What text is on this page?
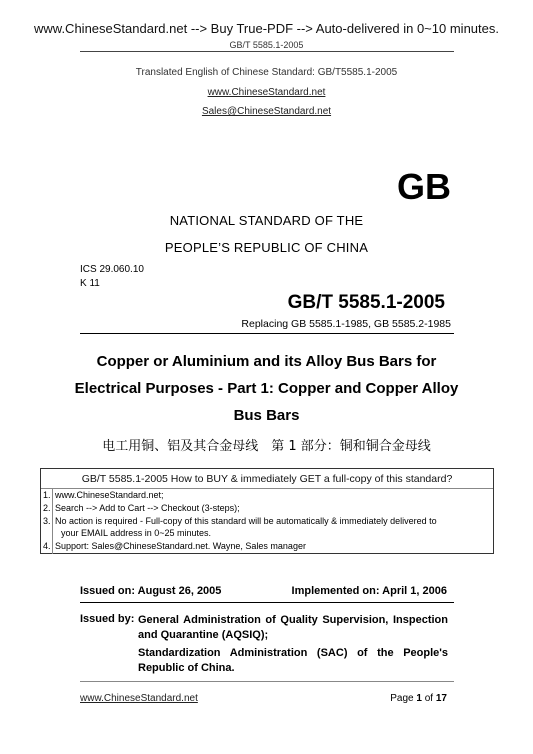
www.ChineseStandard.net --> Buy True-PDF --> Auto-delivered in 0~10 minutes.
GB/T 5585.1-2005
Translated English of Chinese Standard: GB/T5585.1-2005
www.ChineseStandard.net
Sales@ChineseStandard.net
GB
NATIONAL STANDARD OF THE
PEOPLE’S REPUBLIC OF CHINA
ICS 29.060.10
K 11
GB/T 5585.1-2005
Replacing GB 5585.1-1985, GB 5585.2-1985
Copper or Aluminium and its Alloy Bus Bars for
Electrical Purposes - Part 1: Copper and Copper Alloy
Bus Bars
电工用铜、铝及其合金母线　第 1 部分：铜和铜合金母线
GB/T 5585.1-2005 How to BUY & immediately GET a full-copy of this standard?
1. www.ChineseStandard.net;
2. Search --> Add to Cart --> Checkout (3-steps);
3. No action is required - Full-copy of this standard will be automatically & immediately delivered to
your EMAIL address in 0~25 minutes.
4. Support: Sales@ChineseStandard.net. Wayne, Sales manager
Issued on: August 26, 2005	Implemented on: April 1, 2006
Issued by: General Administration of Quality Supervision, Inspection
and Quarantine (AQSIQ);
Standardization Administration (SAC) of the People's
Republic of China.
www.ChineseStandard.net	Page 1 of 17
